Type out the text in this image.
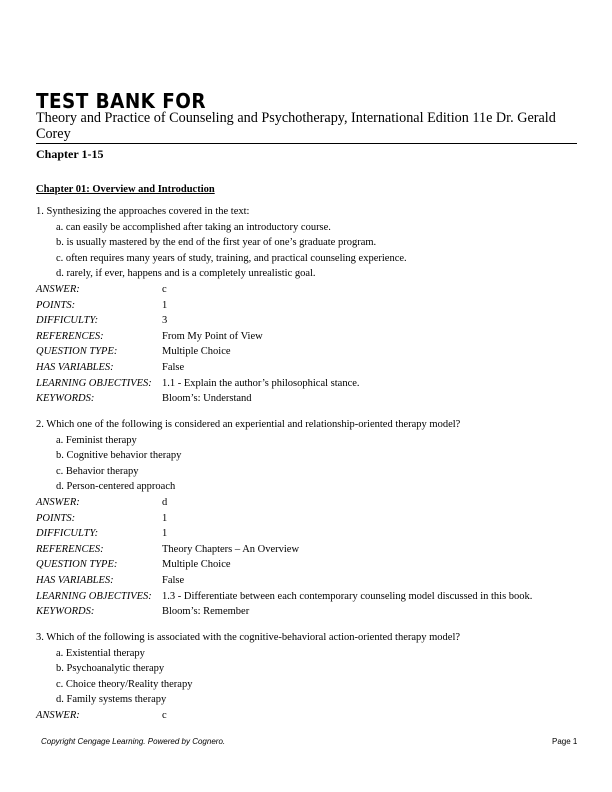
TEST BANK FOR
Theory and Practice of Counseling and Psychotherapy, International Edition 11e Dr. Gerald Corey
Chapter 1-15
Chapter 01: Overview and Introduction
1. Synthesizing the approaches covered in the text:
a. can easily be accomplished after taking an introductory course.
b. is usually mastered by the end of the first year of one’s graduate program.
c. often requires many years of study, training, and practical counseling experience.
d. rarely, if ever, happens and is a completely unrealistic goal.
ANSWER:	c
POINTS:	1
DIFFICULTY:	3
REFERENCES:	From My Point of View
QUESTION TYPE:	Multiple Choice
HAS VARIABLES:	False
LEARNING OBJECTIVES: 1.1 - Explain the author’s philosophical stance.
KEYWORDS:	Bloom’s: Understand
2. Which one of the following is considered an experiential and relationship-oriented therapy model?
a. Feminist therapy
b. Cognitive behavior therapy
c. Behavior therapy
d. Person-centered approach
ANSWER:	d
POINTS:	1
DIFFICULTY:	1
REFERENCES:	Theory Chapters – An Overview
QUESTION TYPE:	Multiple Choice
HAS VARIABLES:	False
LEARNING OBJECTIVES: 1.3 - Differentiate between each contemporary counseling model discussed in this book.
KEYWORDS:	Bloom’s: Remember
3. Which of the following is associated with the cognitive-behavioral action-oriented therapy model?
a. Existential therapy
b. Psychoanalytic therapy
c. Choice theory/Reality therapy
d. Family systems therapy
ANSWER:	c
Copyright Cengage Learning. Powered by Cognero.	Page 1
